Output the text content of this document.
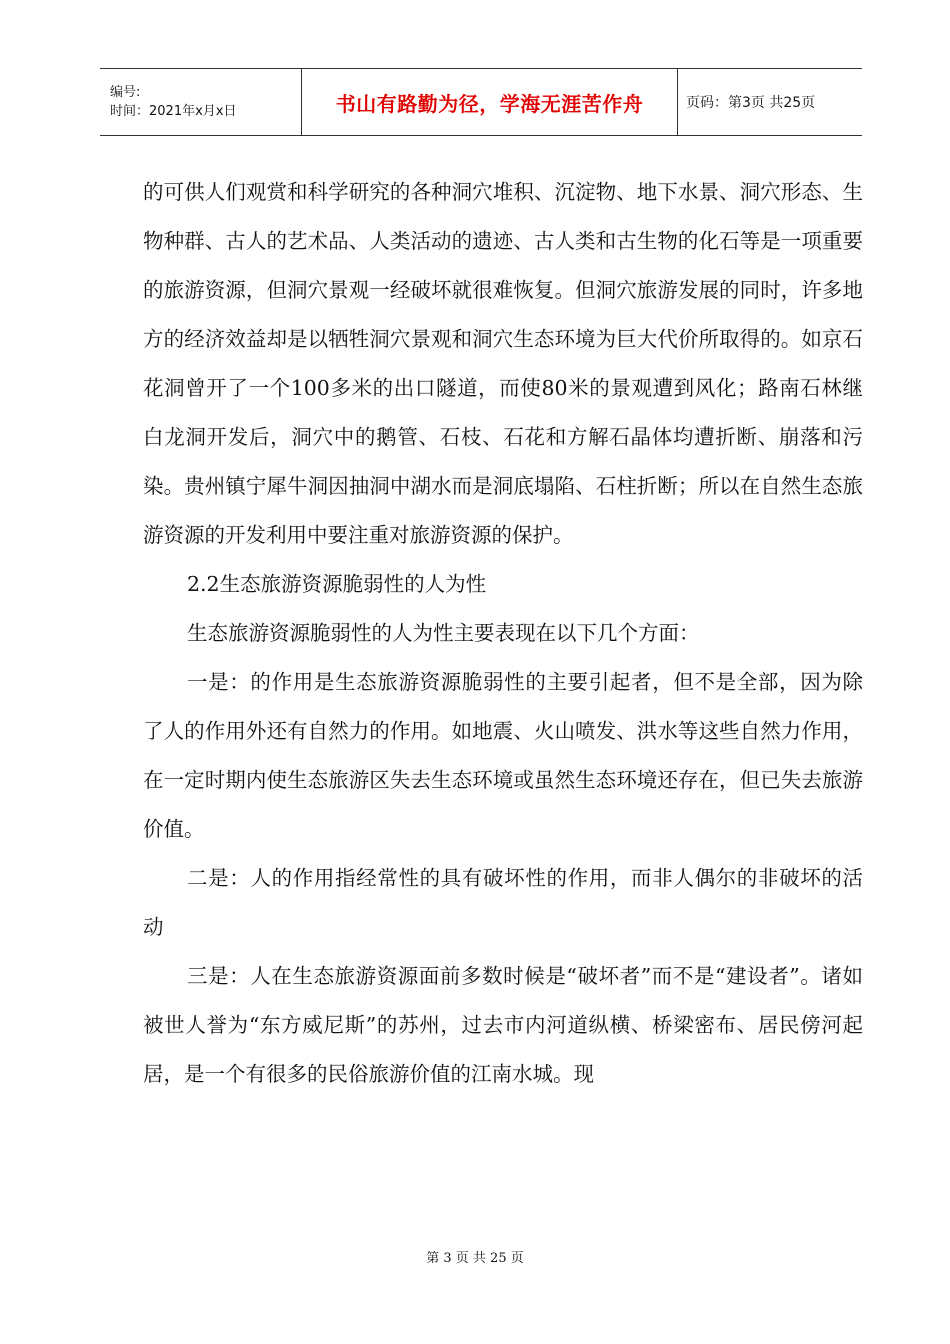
编号:
时间：2021年x月x日	书山有路勤为径，学海无涯苦作舟	页码：第3页 共25页

的可供人们观赏和科学研究的各种洞穴堆积、沉淀物、地下水景、洞穴形态、生物种群、古人的艺术品、人类活动的遗迹、古人类和古生物的化石等是一项重要的旅游资源，但洞穴景观一经破坏就很难恢复。但洞穴旅游发展的同时，许多地方的经济效益却是以牺牲洞穴景观和洞穴生态环境为巨大代价所取得的。如京石花洞曾开了一个100多米的出口隧道，而使80米的景观遭到风化；路南石林继白龙洞开发后，洞穴中的鹅管、石枝、石花和方解石晶体均遭折断、崩落和污染。贵州镇宁犀牛洞因抽洞中湖水而是洞底塌陷、石柱折断；所以在自然生态旅游资源的开发利用中要注重对旅游资源的保护。

2.2生态旅游资源脆弱性的人为性

生态旅游资源脆弱性的人为性主要表现在以下几个方面：

一是：的作用是生态旅游资源脆弱性的主要引起者，但不是全部，因为除了人的作用外还有自然力的作用。如地震、火山喷发、洪水等这些自然力作用，在一定时期内使生态旅游区失去生态环境或虽然生态环境还存在，但已失去旅游价值。

二是：人的作用指经常性的具有破坏性的作用，而非人偶尔的非破坏的活动

三是：人在生态旅游资源面前多数时候是“破坏者”而不是“建设者”。诸如被世人誉为“东方威尼斯”的苏州，过去市内河道纵横、桥梁密布、居民傍河起居，是一个有很多的民俗旅游价值的江南水城。现

第 3 页 共 25 页
